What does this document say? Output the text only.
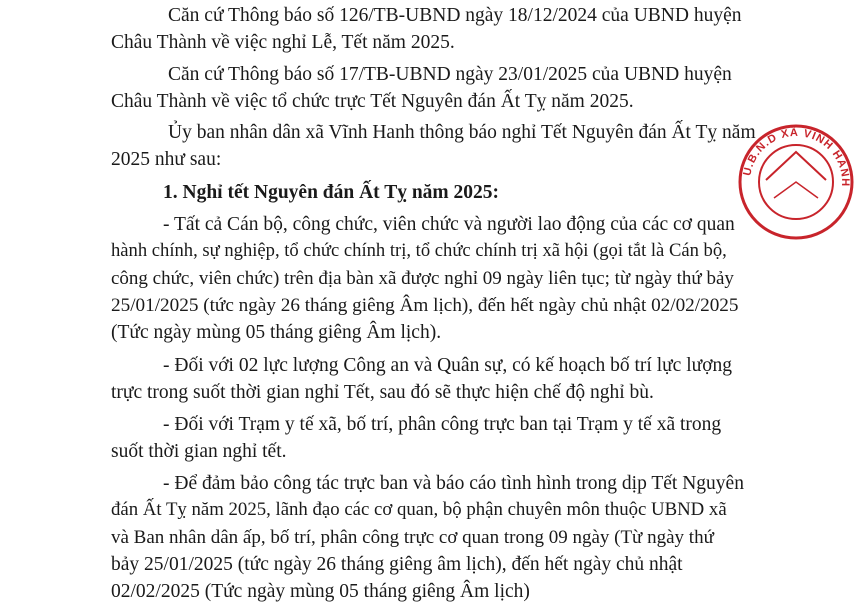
Căn cứ Thông báo số 126/TB-UBND ngày 18/12/2024 của UBND huyện
Châu Thành về việc nghỉ Lễ, Tết năm 2025.
Căn cứ Thông báo số 17/TB-UBND ngày 23/01/2025 của UBND huyện
Châu Thành về việc tổ chức trực Tết Nguyên đán Ất Tỵ năm 2025.
Ủy ban nhân dân xã Vĩnh Hanh thông báo nghỉ Tết Nguyên đán Ất Tỵ năm
2025 như sau:
1. Nghỉ tết Nguyên đán Ất Tỵ năm 2025:
- Tất cả Cán bộ, công chức, viên chức và người lao động của các cơ quan
hành chính, sự nghiệp, tổ chức chính trị, tổ chức chính trị xã hội (gọi tắt là Cán bộ,
công chức, viên chức) trên địa bàn xã được nghỉ 09 ngày liên tục; từ ngày thứ bảy
25/01/2025 (tức ngày 26 tháng giêng Âm lịch), đến hết ngày chủ nhật 02/02/2025
(Tức ngày mùng 05 tháng giêng Âm lịch).
- Đối với 02 lực lượng Công an và Quân sự, có kế hoạch bố trí lực lượng
trực trong suốt thời gian nghỉ Tết, sau đó sẽ thực hiện chế độ nghỉ bù.
- Đối với Trạm y tế xã, bố trí, phân công trực ban tại Trạm y tế xã trong
suốt thời gian nghỉ tết.
- Để đảm bảo công tác trực ban và báo cáo tình hình trong dịp Tết Nguyên
đán Ất Tỵ năm 2025, lãnh đạo các cơ quan, bộ phận chuyên môn thuộc UBND xã
và Ban nhân dân ấp, bố trí, phân công trực cơ quan trong 09 ngày (Từ ngày thứ
bảy 25/01/2025 (tức ngày 26 tháng giêng âm lịch), đến hết ngày chủ nhật
02/02/2025 (Tức ngày mùng 05 tháng giêng Âm lịch)
U.B.N.D XÃ VĨNH HANH
